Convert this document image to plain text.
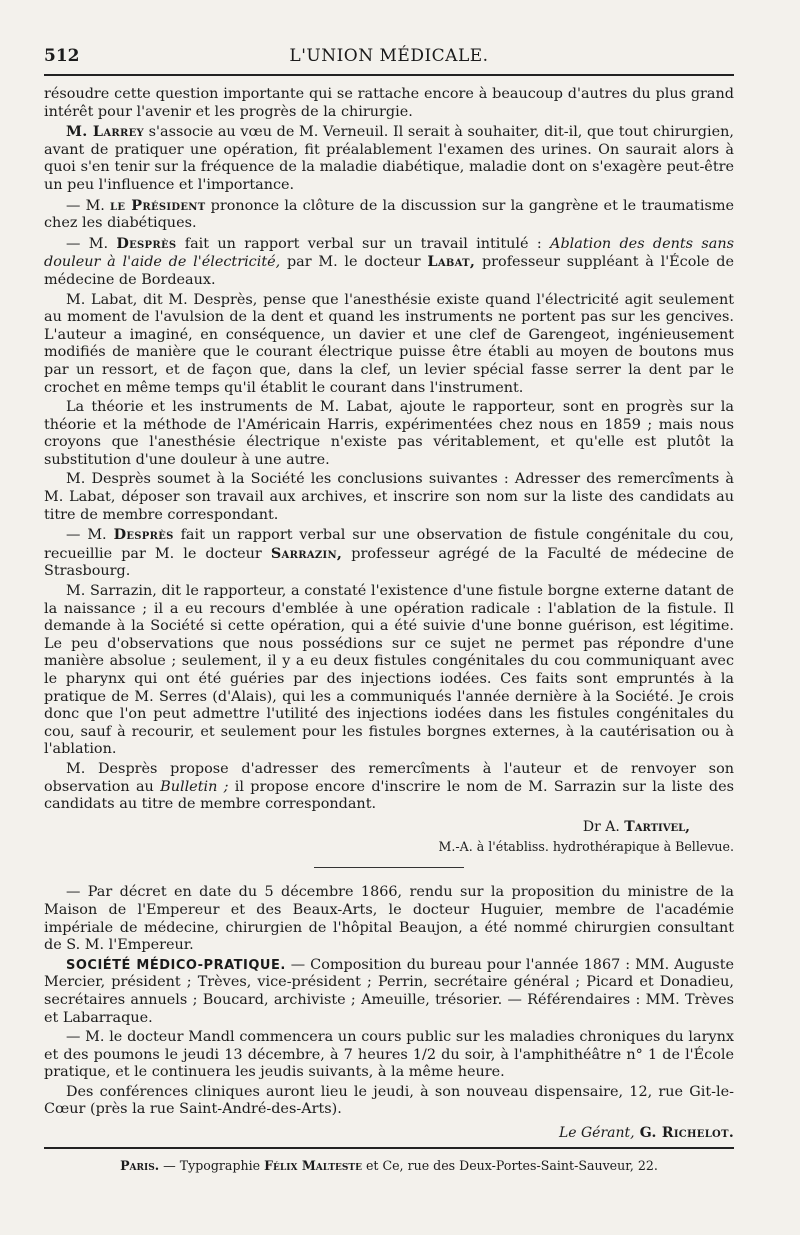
512	L'UNION MÉDICALE.

résoudre cette question importante qui se rattache encore à beaucoup d'autres du plus grand intérêt pour l'avenir et les progrès de la chirurgie.

M. Larrey s'associe au vœu de M. Verneuil. Il serait à souhaiter, dit-il, que tout chirurgien, avant de pratiquer une opération, fit préalablement l'examen des urines. On saurait alors à quoi s'en tenir sur la fréquence de la maladie diabétique, maladie dont on s'exagère peut-être un peu l'influence et l'importance.

— M. le Président prononce la clôture de la discussion sur la gangrène et le traumatisme chez les diabétiques.

— M. Desprès fait un rapport verbal sur un travail intitulé : Ablation des dents sans douleur à l'aide de l'électricité, par M. le docteur Labat, professeur suppléant à l'École de médecine de Bordeaux.

M. Labat, dit M. Desprès, pense que l'anesthésie existe quand l'électricité agit seulement au moment de l'avulsion de la dent et quand les instruments ne portent pas sur les gencives. L'auteur a imaginé, en conséquence, un davier et une clef de Garengeot, ingénieusement modifiés de manière que le courant électrique puisse être établi au moyen de boutons mus par un ressort, et de façon que, dans la clef, un levier spécial fasse serrer la dent par le crochet en même temps qu'il établit le courant dans l'instrument.

La théorie et les instruments de M. Labat, ajoute le rapporteur, sont en progrès sur la théorie et la méthode de l'Américain Harris, expérimentées chez nous en 1859 ; mais nous croyons que l'anesthésie électrique n'existe pas véritablement, et qu'elle est plutôt la substitution d'une douleur à une autre.

M. Desprès soumet à la Société les conclusions suivantes : Adresser des remercîments à M. Labat, déposer son travail aux archives, et inscrire son nom sur la liste des candidats au titre de membre correspondant.

— M. Desprès fait un rapport verbal sur une observation de fistule congénitale du cou, recueillie par M. le docteur Sarrazin, professeur agrégé de la Faculté de médecine de Strasbourg.

M. Sarrazin, dit le rapporteur, a constaté l'existence d'une fistule borgne externe datant de la naissance ; il a eu recours d'emblée à une opération radicale : l'ablation de la fistule. Il demande à la Société si cette opération, qui a été suivie d'une bonne guérison, est légitime. Le peu d'observations que nous possédions sur ce sujet ne permet pas répondre d'une manière absolue ; seulement, il y a eu deux fistules congénitales du cou communiquant avec le pharynx qui ont été guéries par des injections iodées. Ces faits sont empruntés à la pratique de M. Serres (d'Alais), qui les a communiqués l'année dernière à la Société. Je crois donc que l'on peut admettre l'utilité des injections iodées dans les fistules congénitales du cou, sauf à recourir, et seulement pour les fistules borgnes externes, à la cautérisation ou à l'ablation.

M. Desprès propose d'adresser des remercîments à l'auteur et de renvoyer son observation au Bulletin ; il propose encore d'inscrire le nom de M. Sarrazin sur la liste des candidats au titre de membre correspondant.

Dr A. Tartivel,
M.-A. à l'établiss. hydrothérapique à Bellevue.

— Par décret en date du 5 décembre 1866, rendu sur la proposition du ministre de la Maison de l'Empereur et des Beaux-Arts, le docteur Huguier, membre de l'académie impériale de médecine, chirurgien de l'hôpital Beaujon, a été nommé chirurgien consultant de S. M. l'Empereur.

SOCIÉTÉ MÉDICO-PRATIQUE. — Composition du bureau pour l'année 1867 : MM. Auguste Mercier, président ; Trèves, vice-président ; Perrin, secrétaire général ; Picard et Donadieu, secrétaires annuels ; Boucard, archiviste ; Ameuille, trésorier. — Référendaires : MM. Trèves et Labarraque.

— M. le docteur Mandl commencera un cours public sur les maladies chroniques du larynx et des poumons le jeudi 13 décembre, à 7 heures 1/2 du soir, à l'amphithéâtre n° 1 de l'École pratique, et le continuera les jeudis suivants, à la même heure.

Des conférences cliniques auront lieu le jeudi, à son nouveau dispensaire, 12, rue Git-le-Cœur (près la rue Saint-André-des-Arts).

Le Gérant, G. Richelot.
Paris. — Typographie Félix Malteste et Ce, rue des Deux-Portes-Saint-Sauveur, 22.
